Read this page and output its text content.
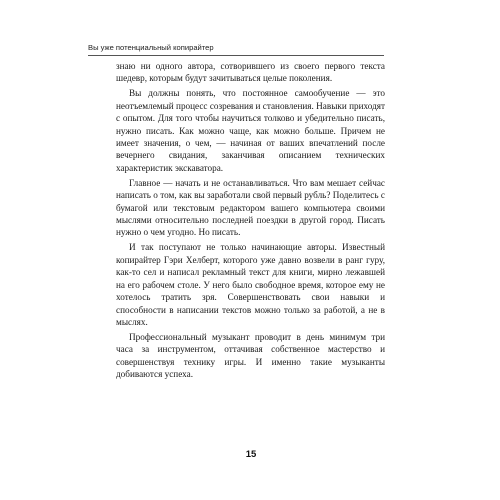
Вы уже потенциальный копирайтер

знаю ни одного автора, сотворившего из своего первого текста шедевр, которым будут зачитываться целые поколения.

Вы должны понять, что постоянное самообучение — это неотъемлемый процесс созревания и становления. Навыки приходят с опытом. Для того чтобы научиться толково и убедительно писать, нужно писать. Как можно чаще, как можно больше. Причем не имеет значения, о чем, — начиная от ваших впечатлений после вечернего свидания, заканчивая описанием технических характеристик экскаватора.

Главное — начать и не останавливаться. Что вам мешает сейчас написать о том, как вы заработали свой первый рубль? Поделитесь с бумагой или текстовым редактором вашего компьютера своими мыслями относительно последней поездки в другой город. Писать нужно о чем угодно. Но писать.

И так поступают не только начинающие авторы. Известный копирайтер Гэри Хелберт, которого уже давно возвели в ранг гуру, как-то сел и написал рекламный текст для книги, мирно лежавшей на его рабочем столе. У него было свободное время, которое ему не хотелось тратить зря. Совершенствовать свои навыки и способности в написании текстов можно только за работой, а не в мыслях.

Профессиональный музыкант проводит в день минимум три часа за инструментом, оттачивая собственное мастерство и совершенствуя технику игры. И именно такие музыканты добиваются успеха.

15
